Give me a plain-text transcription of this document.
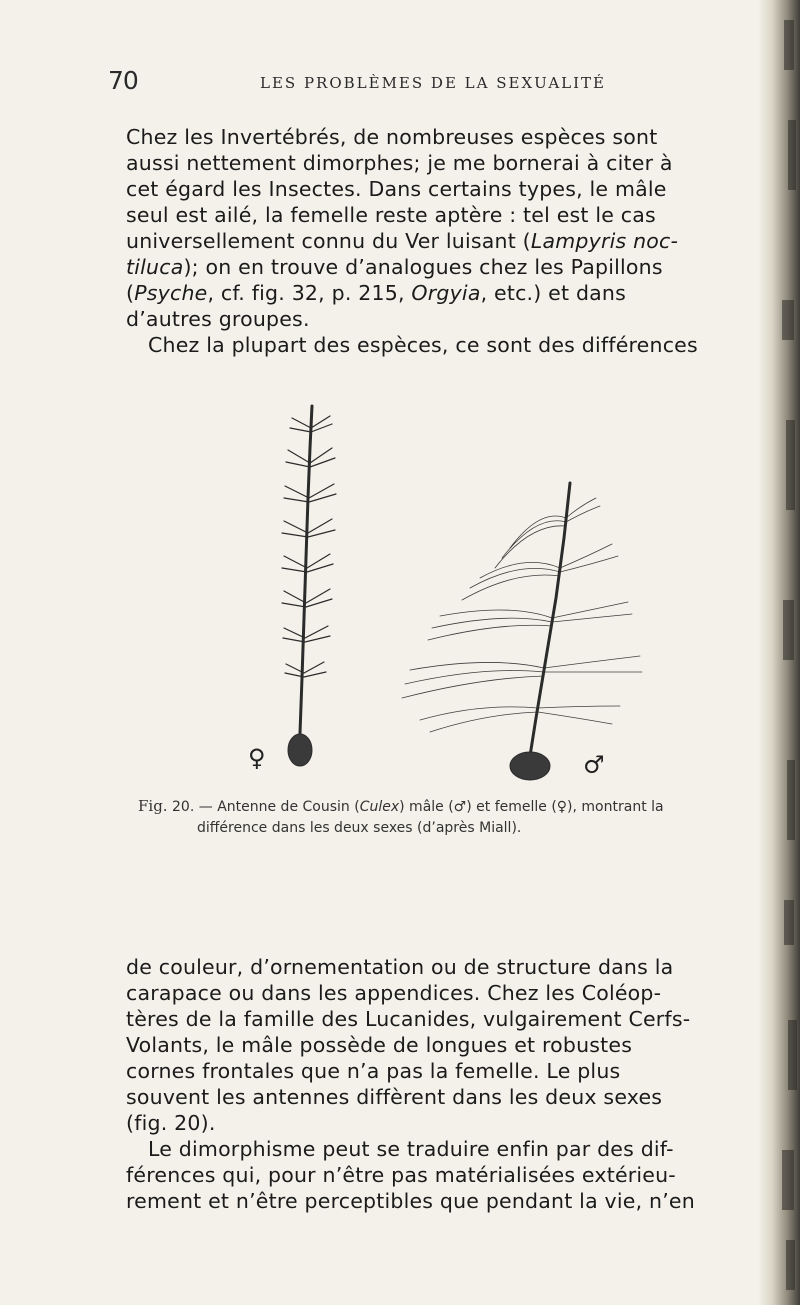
70	LES PROBLÈMES DE LA SEXUALITÉ
Chez les Invertébrés, de nombreuses espèces sont
aussi nettement dimorphes; je me bornerai à citer à
cet égard les Insectes. Dans certains types, le mâle
seul est ailé, la femelle reste aptère : tel est le cas
universellement connu du Ver luisant (Lampyris noc-
tiluca); on en trouve d’analogues chez les Papillons
(Psyche, cf. fig. 32, p. 215, Orgyia, etc.) et dans
d’autres groupes.
Chez la plupart des espèces, ce sont des différences
♀	♂
Fig. 20. — Antenne de Cousin (Culex) mâle (♂) et femelle (♀), montrant la
différence dans les deux sexes (d’après Miall).
de couleur, d’ornementation ou de structure dans la
carapace ou dans les appendices. Chez les Coléop-
tères de la famille des Lucanides, vulgairement Cerfs-
Volants, le mâle possède de longues et robustes
cornes frontales que n’a pas la femelle. Le plus
souvent les antennes diffèrent dans les deux sexes
(fig. 20).
Le dimorphisme peut se traduire enfin par des dif-
férences qui, pour n’être pas matérialisées extérieu-
rement et n’être perceptibles que pendant la vie, n’en
